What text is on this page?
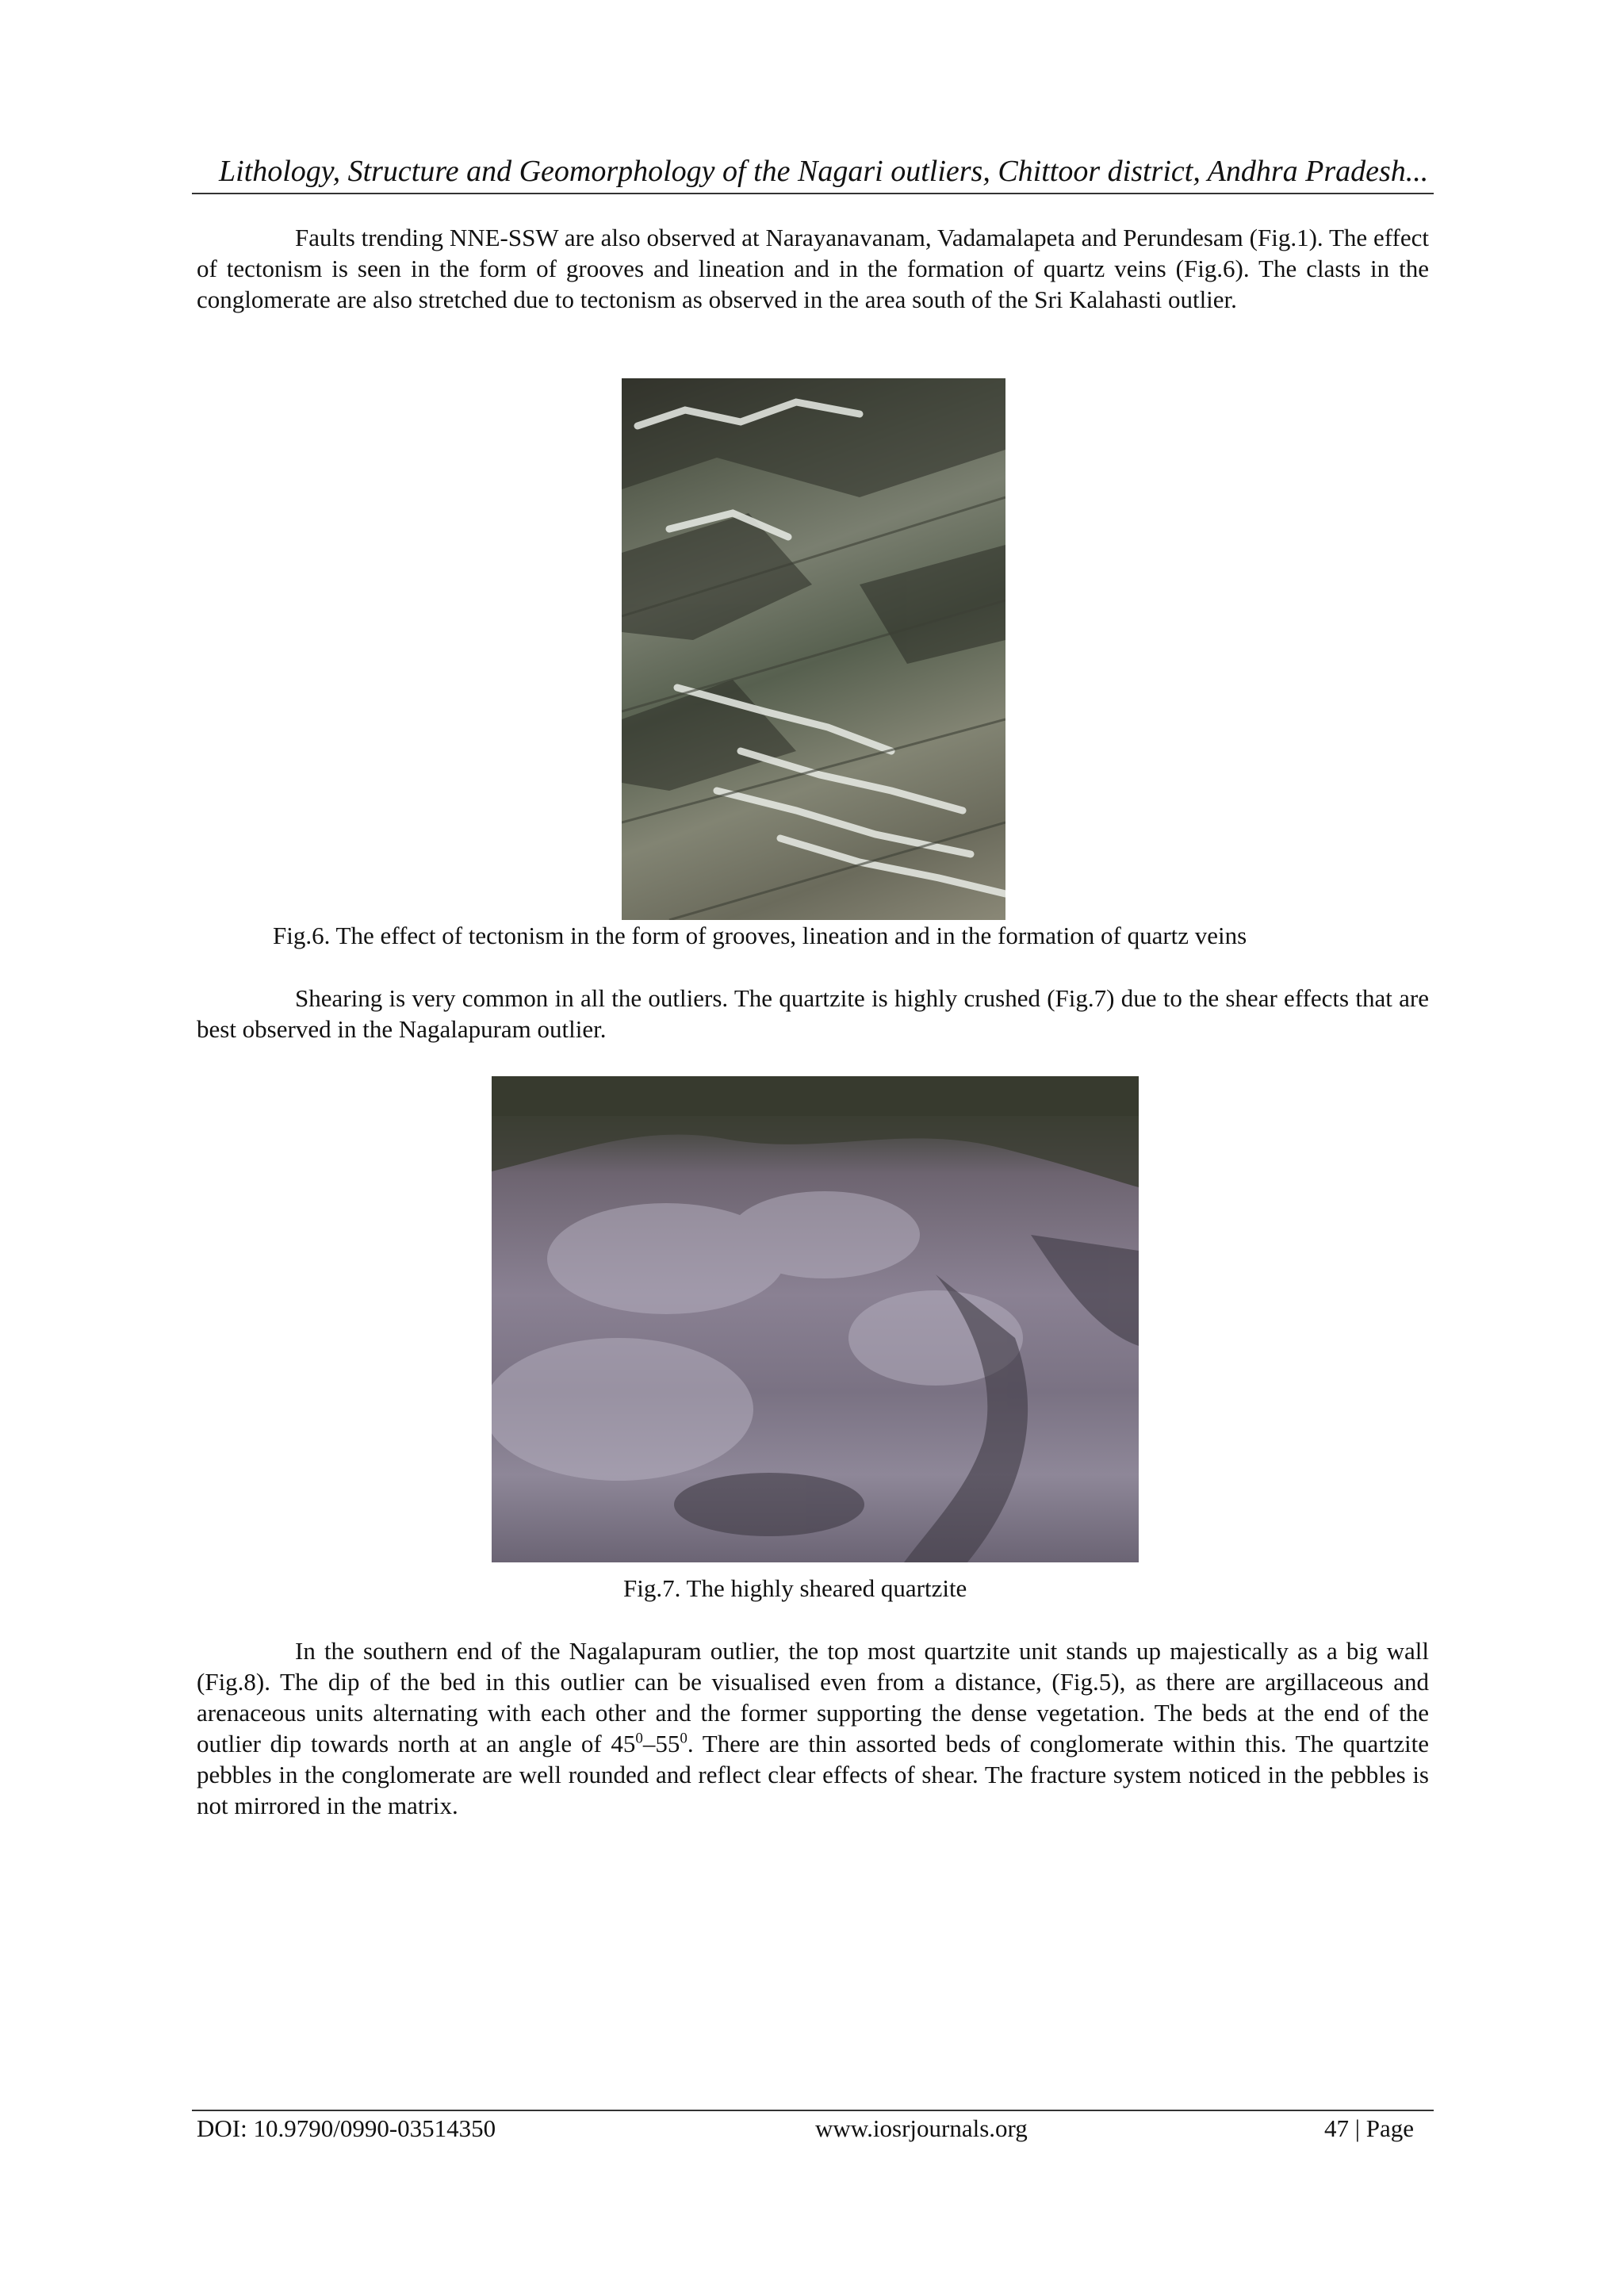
Lithology, Structure and Geomorphology of the Nagari outliers, Chittoor district, Andhra Pradesh...

Faults trending NNE-SSW are also observed at Narayanavanam, Vadamalapeta and Perundesam (Fig.1). The effect of tectonism is seen in the form of grooves and lineation and in the formation of quartz veins (Fig.6). The clasts in the conglomerate are also stretched due to tectonism as observed in the area south of the Sri Kalahasti outlier.

Fig.6. The effect of tectonism in the form of grooves, lineation and in the formation of quartz veins

Shearing is very common in all the outliers. The quartzite is highly crushed (Fig.7) due to the shear effects that are best observed in the Nagalapuram outlier.

Fig.7. The highly sheared quartzite

In the southern end of the Nagalapuram outlier, the top most quartzite unit stands up majestically as a big wall (Fig.8). The dip of the bed in this outlier can be visualised even from a distance, (Fig.5), as there are argillaceous and arenaceous units alternating with each other and the former supporting the dense vegetation. The beds at the end of the outlier dip towards north at an angle of $45^0-55^0$. There are thin assorted beds of conglomerate within this. The quartzite pebbles in the conglomerate are well rounded and reflect clear effects of shear. The fracture system noticed in the pebbles is not mirrored in the matrix.

DOI: 10.9790/0990-03514350	www.iosrjournals.org	47 | Page
